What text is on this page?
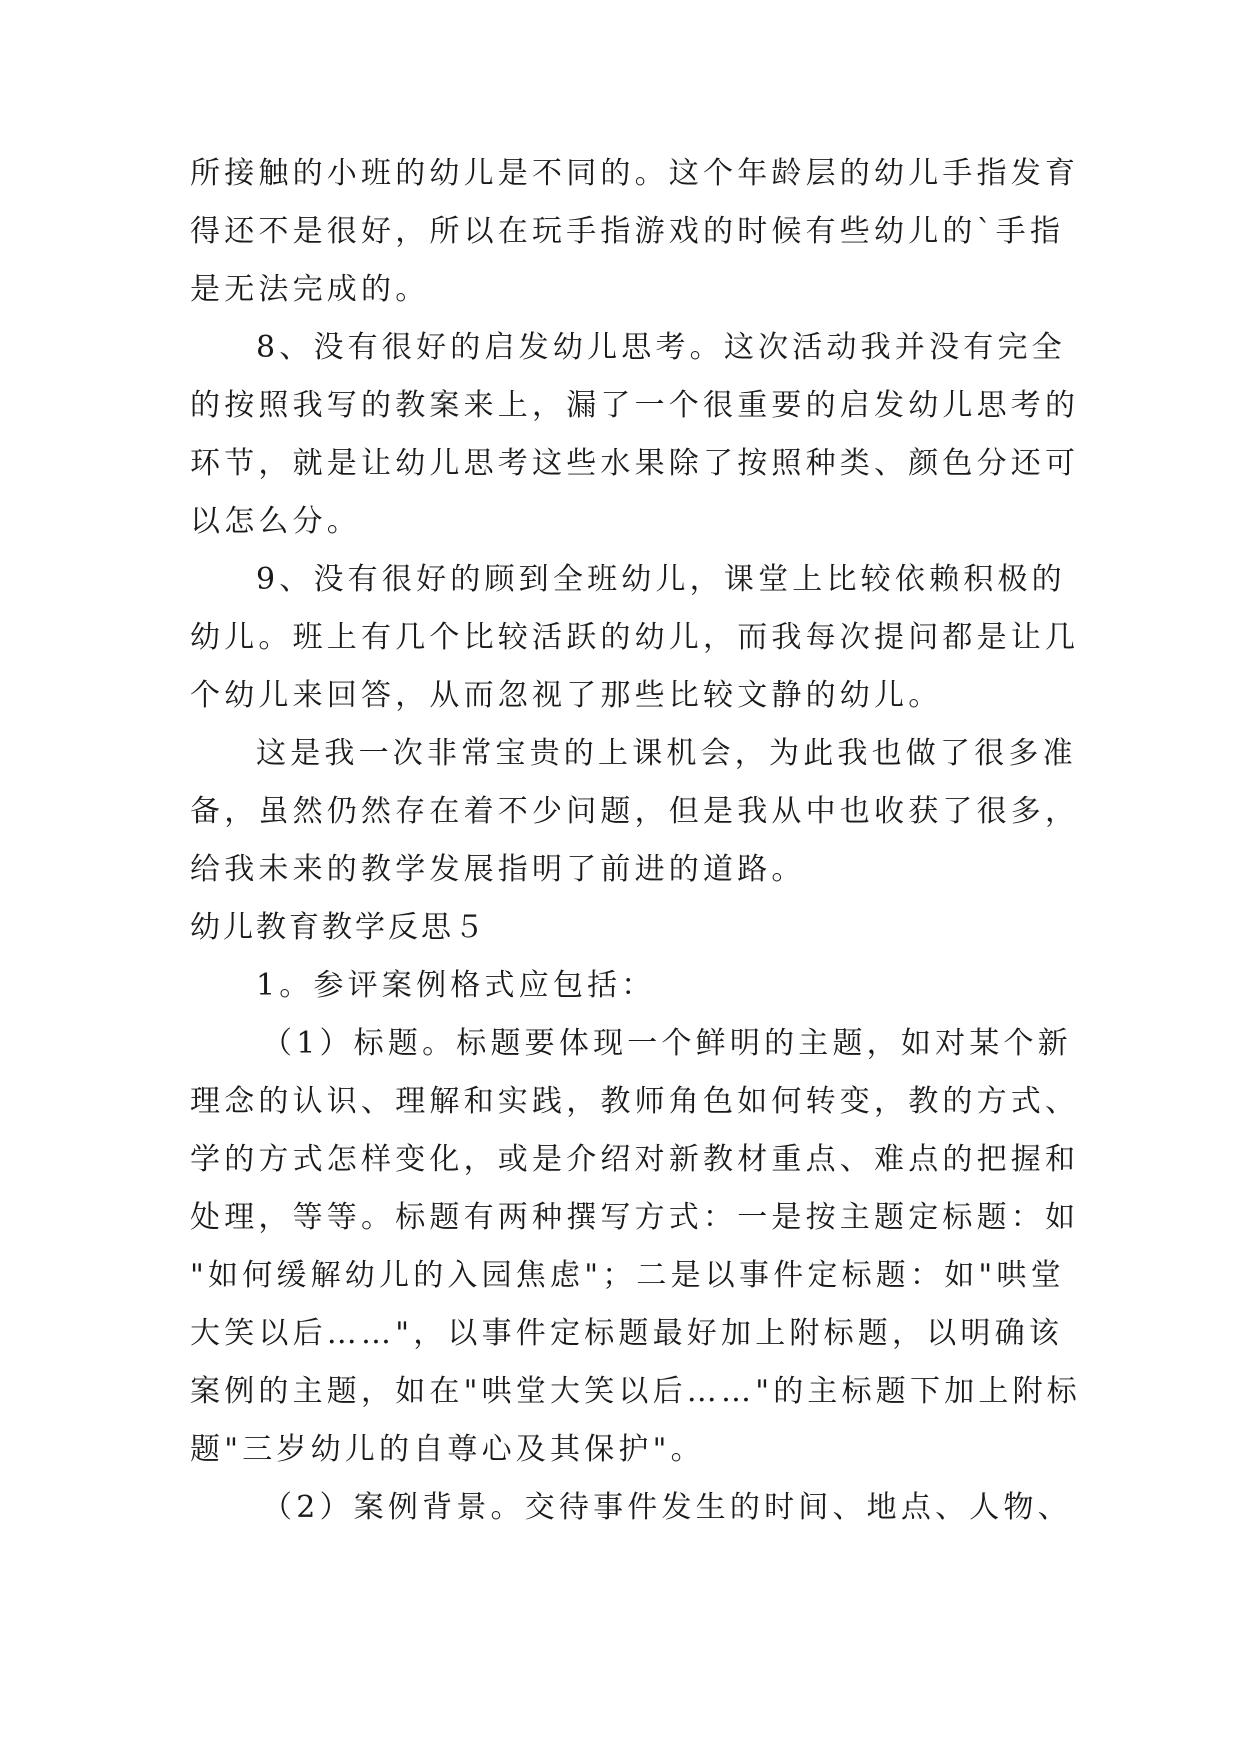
所接触的小班的幼儿是不同的。这个年龄层的幼儿手指发育
得还不是很好，所以在玩手指游戏的时候有些幼儿的`手指
是无法完成的。
8、没有很好的启发幼儿思考。这次活动我并没有完全
的按照我写的教案来上，漏了一个很重要的启发幼儿思考的
环节，就是让幼儿思考这些水果除了按照种类、颜色分还可
以怎么分。
9、没有很好的顾到全班幼儿，课堂上比较依赖积极的
幼儿。班上有几个比较活跃的幼儿，而我每次提问都是让几
个幼儿来回答，从而忽视了那些比较文静的幼儿。
这是我一次非常宝贵的上课机会，为此我也做了很多准
备，虽然仍然存在着不少问题，但是我从中也收获了很多，
给我未来的教学发展指明了前进的道路。
幼儿教育教学反思５
1。参评案例格式应包括：
（1）标题。标题要体现一个鲜明的主题，如对某个新
理念的认识、理解和实践，教师角色如何转变，教的方式、
学的方式怎样变化，或是介绍对新教材重点、难点的把握和
处理，等等。标题有两种撰写方式：一是按主题定标题：如
"如何缓解幼儿的入园焦虑"；二是以事件定标题：如"哄堂
大笑以后……"，以事件定标题最好加上附标题，以明确该
案例的主题，如在"哄堂大笑以后……"的主标题下加上附标
题"三岁幼儿的自尊心及其保护"。
（2）案例背景。交待事件发生的时间、地点、人物、
